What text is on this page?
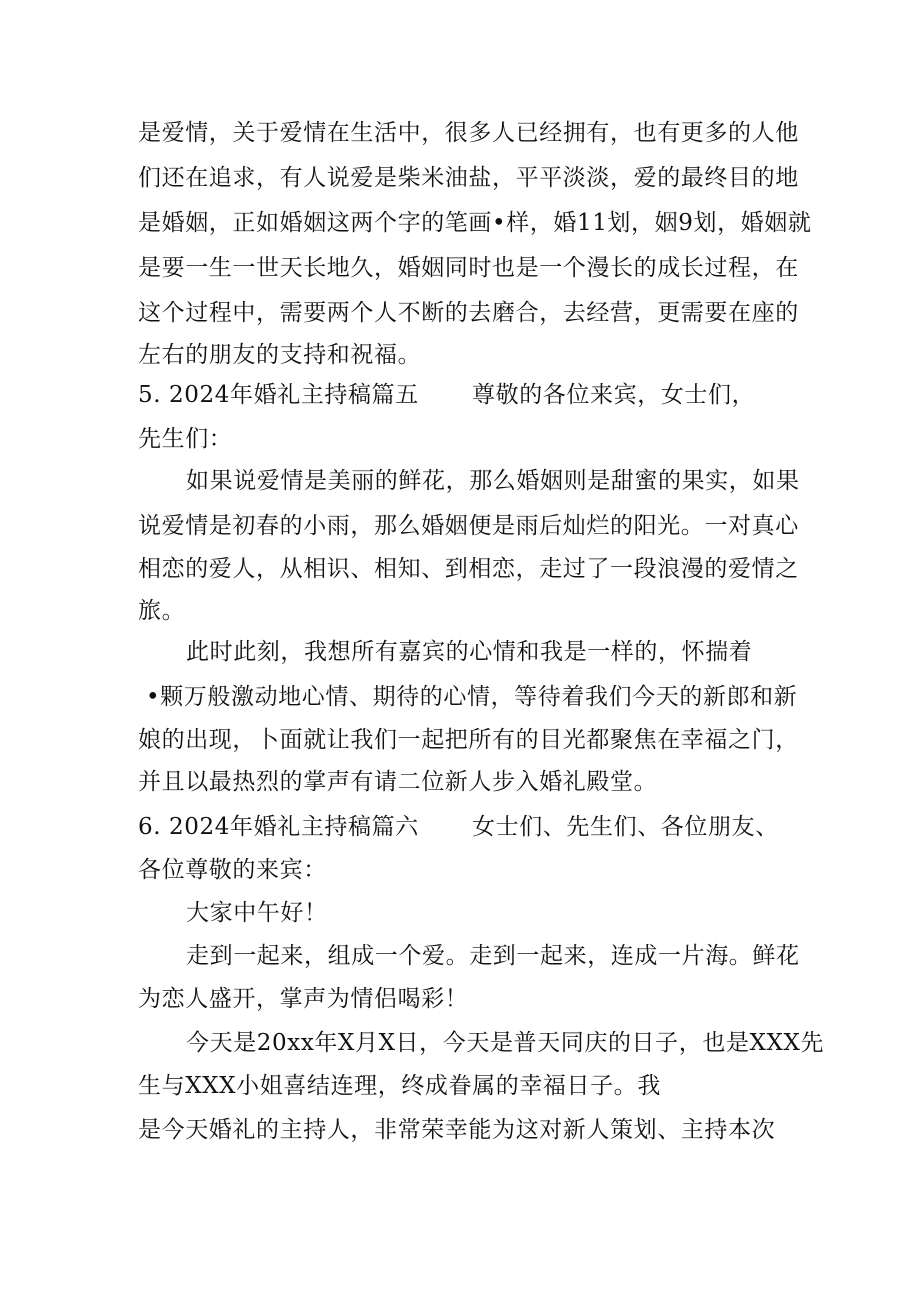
是爱情，关于爱情在生活中，很多人已经拥有，也有更多的人他
们还在追求，有人说爱是柴米油盐，平平淡淡，爱的最终目的地
是婚姻，正如婚姻这两个字的笔画•样，婚11划，姻9划，婚姻就
是要一生一世天长地久，婚姻同时也是一个漫长的成长过程，在
这个过程中，需要两个人不断的去磨合，去经营，更需要在座的
左右的朋友的支持和祝福。
5. 2024年婚礼主持稿篇五 尊敬的各位来宾，女士们，
先生们：
如果说爱情是美丽的鲜花，那么婚姻则是甜蜜的果实，如果
说爱情是初春的小雨，那么婚姻便是雨后灿烂的阳光。一对真心
相恋的爱人，从相识、相知、到相恋，走过了一段浪漫的爱情之
旅。
此时此刻，我想所有嘉宾的心情和我是一样的，怀揣着
•颗万般激动地心情、期待的心情，等待着我们今天的新郎和新
娘的出现，卜面就让我们一起把所有的目光都聚焦在幸福之门，
并且以最热烈的掌声有请二位新人步入婚礼殿堂。
6. 2024年婚礼主持稿篇六 女士们、先生们、各位朋友、
各位尊敬的来宾：
大家中午好！
走到一起来，组成一个爱。走到一起来，连成一片海。鲜花
为恋人盛开，掌声为情侣喝彩！
今天是20xx年X月X日，今天是普天同庆的日子，也是XXX先
生与XXX小姐喜结连理，终成眷属的幸福日子。我
是今天婚礼的主持人，非常荣幸能为这对新人策划、主持本次
